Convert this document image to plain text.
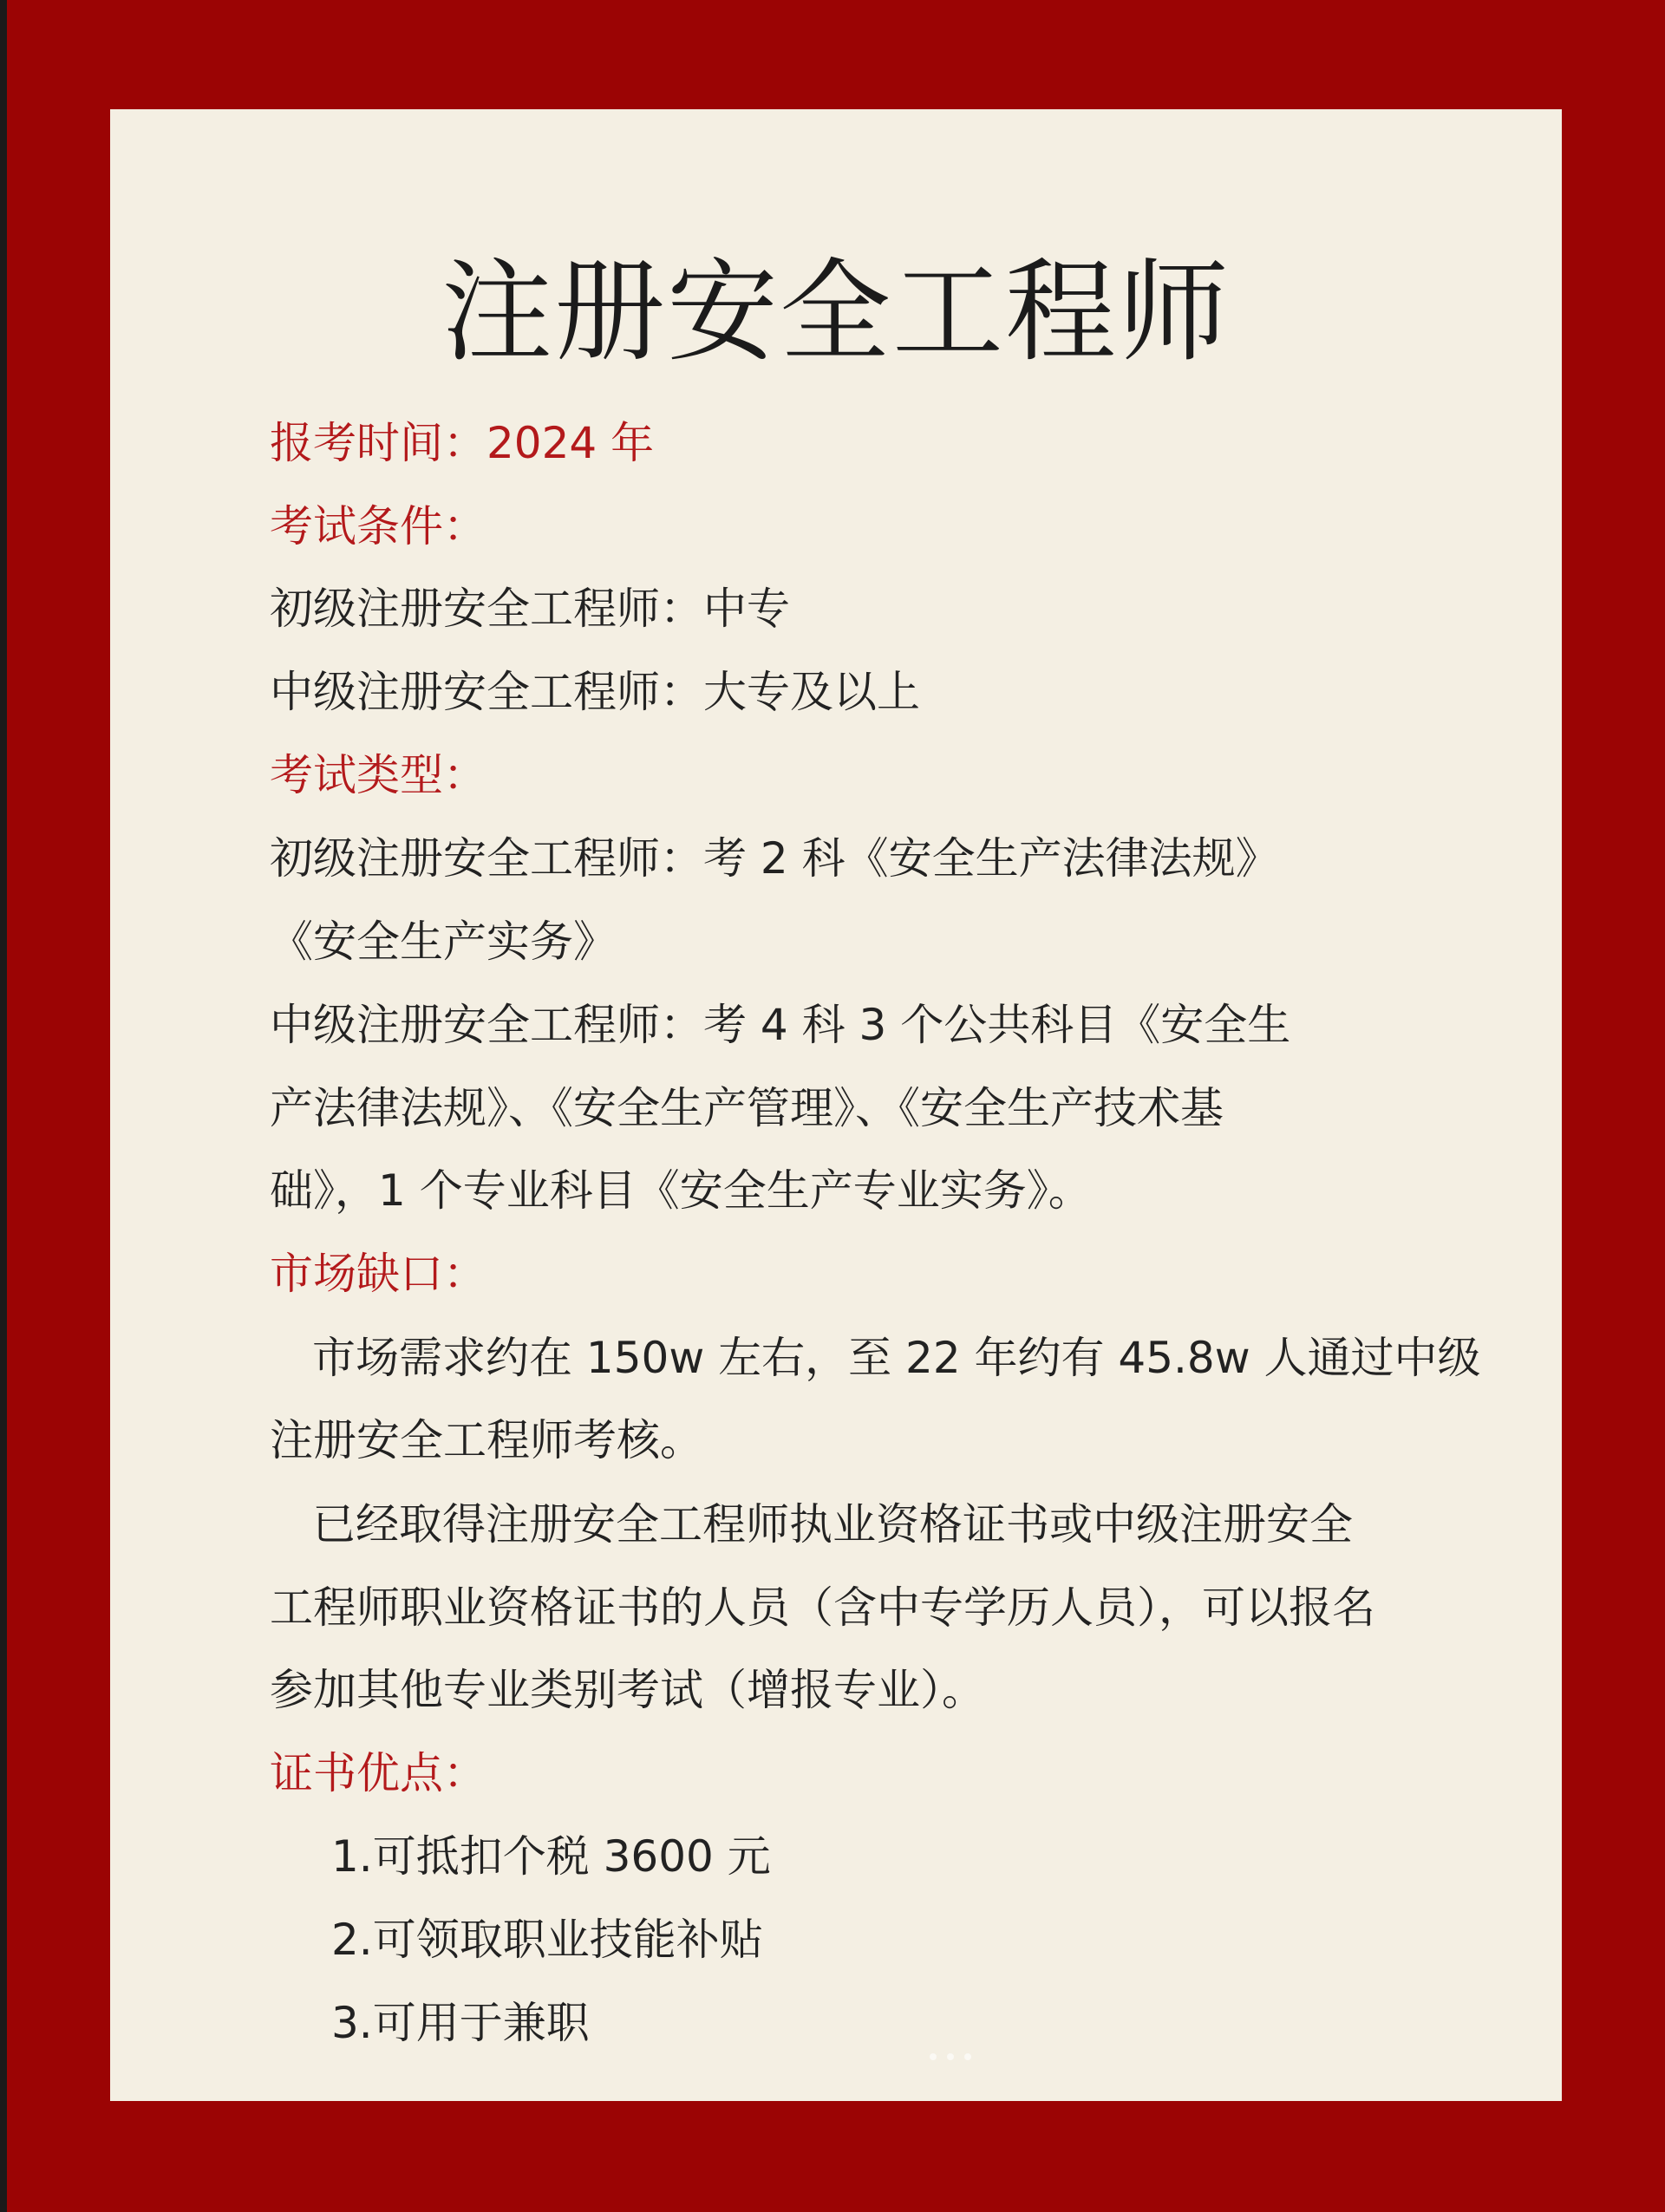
注册安全工程师
报考时间：2024 年
考试条件：
初级注册安全工程师：中专
中级注册安全工程师：大专及以上
考试类型：
初级注册安全工程师：考 2 科《安全生产法律法规》
《安全生产实务》
中级注册安全工程师：考 4 科 3 个公共科目《安全生
产法律法规》、《安全生产管理》、《安全生产技术基
础》，1 个专业科目《安全生产专业实务》。
市场缺口：
市场需求约在 150w 左右，至 22 年约有 45.8w 人通过中级
注册安全工程师考核。
已经取得注册安全工程师执业资格证书或中级注册安全
工程师职业资格证书的人员（含中专学历人员），可以报名
参加其他专业类别考试（增报专业）。
证书优点：
1.可抵扣个税 3600 元
2.可领取职业技能补贴
3.可用于兼职
